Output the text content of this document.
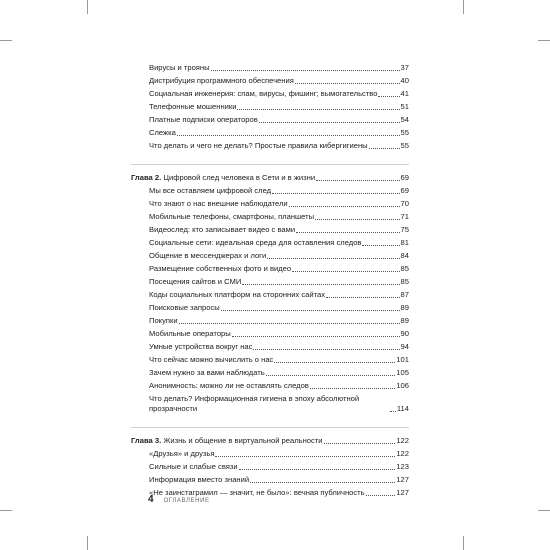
Вирусы и трояны	37
Дистрибуция программного обеспечения	40
Социальная инженерия: спам, вирусы, фишинг; вымогательство	41
Телефонные мошенники	51
Платные подписки операторов	54
Слежка	55
Что делать и чего не делать? Простые правила кибергигиены	55
Глава 2. Цифровой след человека в Сети и в жизни	69
Мы все оставляем цифровой след	69
Что знают о нас внешние наблюдатели	70
Мобильные телефоны, смартфоны, планшеты	71
Видеослед: кто записывает видео с вами	75
Социальные сети: идеальная среда для оставления следов	81
Общение в мессенджерах и логи	84
Размещение собственных фото и видео	85
Посещения сайтов и СМИ	85
Коды социальных платформ на сторонних сайтах	87
Поисковые запросы	89
Покупки	89
Мобильные операторы	90
Умные устройства вокруг нас	94
Что сейчас можно вычислить о нас	101
Зачем нужно за вами наблюдать	105
Анонимность: можно ли не оставлять следов	106
Что делать? Информационная гигиена в эпоху абсолютной прозрачности	114
Глава 3. Жизнь и общение в виртуальной реальности	122
«Друзья» и друзья	122
Сильные и слабые связи	123
Информация вместо знаний	127
«Не заинстаграмил — значит, не было»: вечная публичность	127
4 ОГЛАВЛЕНИЕ
